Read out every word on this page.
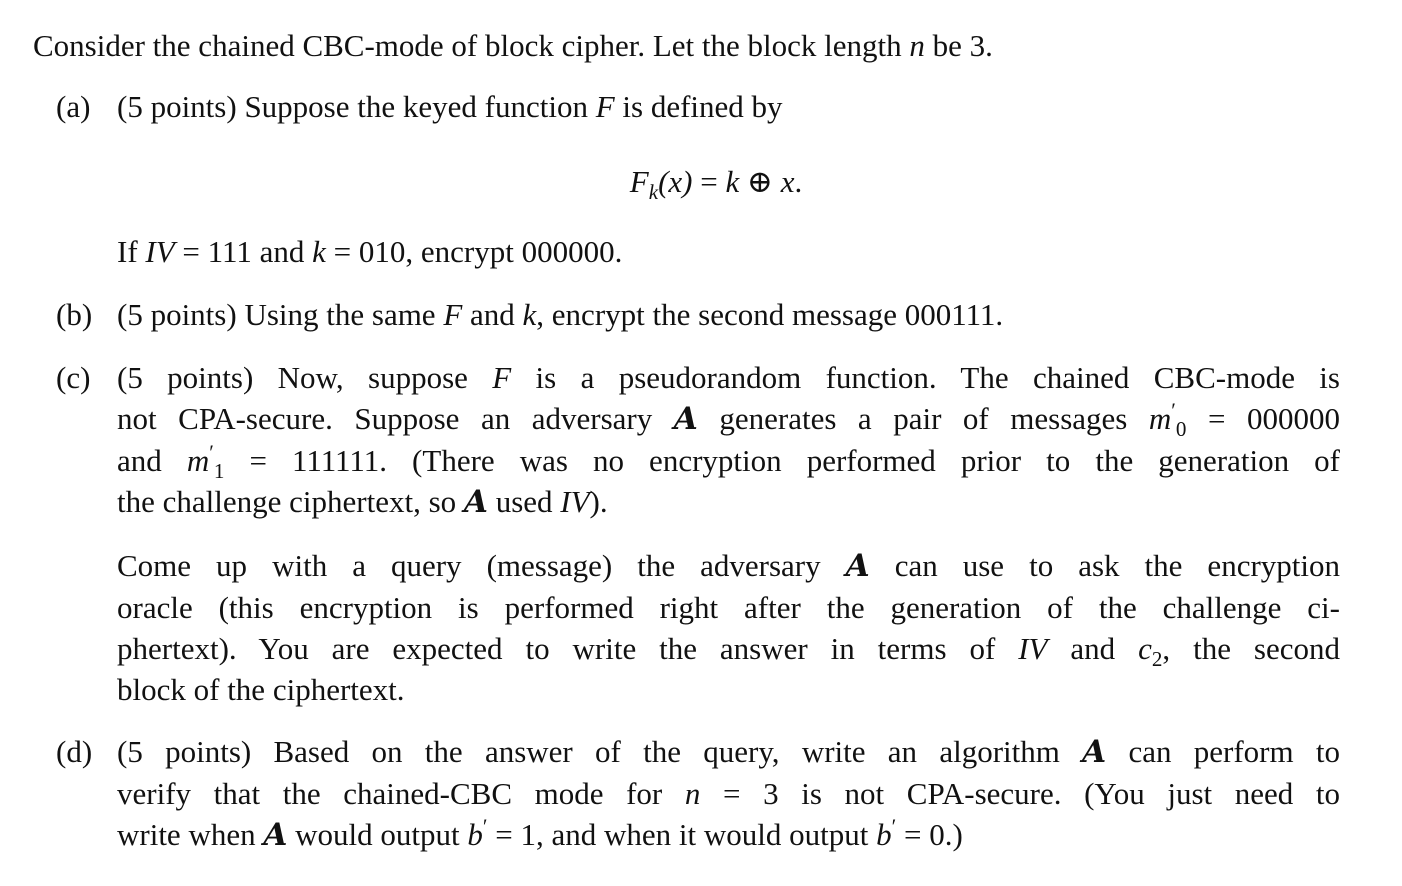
Consider the chained CBC-mode of block cipher. Let the block length n be 3.
(a) (5 points) Suppose the keyed function F is defined by
$F_k(x) = k$ ⊕ x.
If IV = 111 and k = 010, encrypt 000000.
(b) (5 points) Using the same F and k, encrypt the second message 000111.
(c) (5 points) Now, suppose F is a pseudorandom function. The chained CBC-mode is
not CPA-secure. Suppose an adversary A generates a pair of messages $m'_0 = 000000$
and $m'_1 = 111111$. (There was no encryption performed prior to the generation of
the challenge ciphertext, so A used IV).
Come up with a query (message) the adversary A can use to ask the encryption
oracle (this encryption is performed right after the generation of the challenge ci-
phertext). You are expected to write the answer in terms of IV and $c_2$, the second
block of the ciphertext.
(d) (5 points) Based on the answer of the query, write an algorithm A can perform to
verify that the chained-CBC mode for n = 3 is not CPA-secure. (You just need to
write when A would output b′ = 1, and when it would output b′ = 0.)
